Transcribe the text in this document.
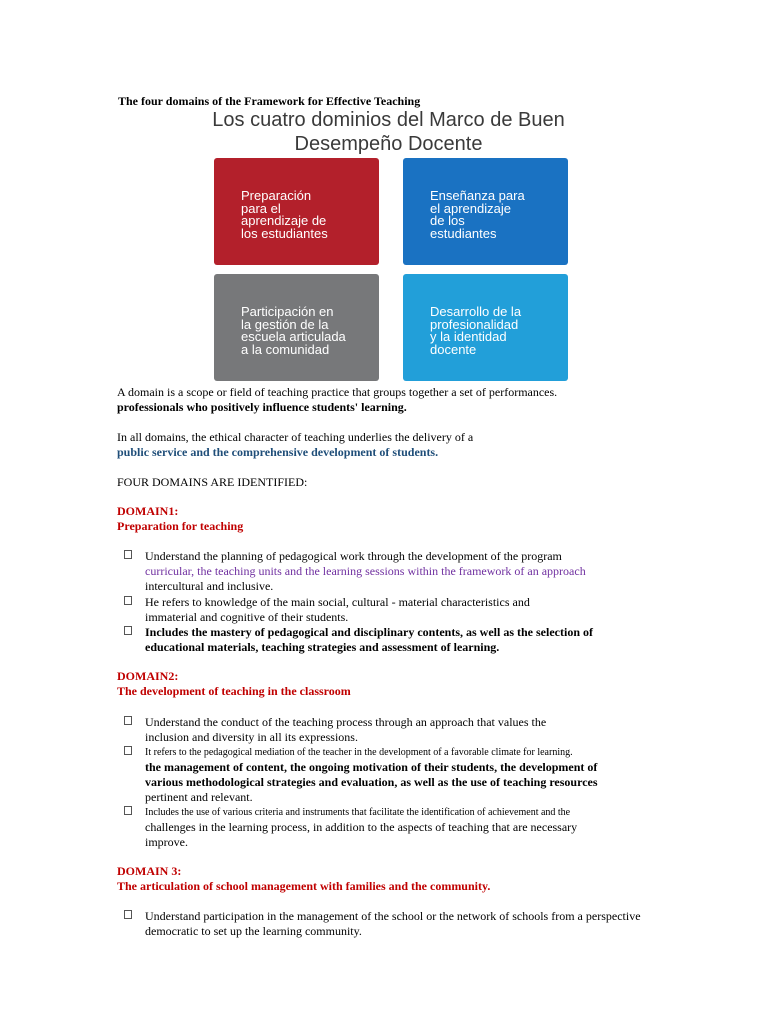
The four domains of the Framework for Effective Teaching
Los cuatro dominios del Marco de Buen Desempeño Docente
Preparación
para el
aprendizaje de
los estudiantes
Enseñanza para
el aprendizaje
de los
estudiantes
Participación en
la gestión de la
escuela articulada
a la comunidad
Desarrollo de la
profesionalidad
y la identidad
docente
A domain is a scope or field of teaching practice that groups together a set of performances.
professionals who positively influence students' learning.
In all domains, the ethical character of teaching underlies the delivery of a
public service and the comprehensive development of students.
FOUR DOMAINS ARE IDENTIFIED:
DOMAIN1:
Preparation for teaching
Understand the planning of pedagogical work through the development of the program
curricular, the teaching units and the learning sessions within the framework of an approach
intercultural and inclusive.
He refers to knowledge of the main social, cultural - material characteristics and
immaterial and cognitive of their students.
Includes the mastery of pedagogical and disciplinary contents, as well as the selection of
educational materials, teaching strategies and assessment of learning.
DOMAIN2:
The development of teaching in the classroom
Understand the conduct of the teaching process through an approach that values the
inclusion and diversity in all its expressions.
It refers to the pedagogical mediation of the teacher in the development of a favorable climate for learning.
the management of content, the ongoing motivation of their students, the development of
various methodological strategies and evaluation, as well as the use of teaching resources
pertinent and relevant.
Includes the use of various criteria and instruments that facilitate the identification of achievement and the
challenges in the learning process, in addition to the aspects of teaching that are necessary
improve.
DOMAIN 3:
The articulation of school management with families and the community.
Understand participation in the management of the school or the network of schools from a perspective
democratic to set up the learning community.
